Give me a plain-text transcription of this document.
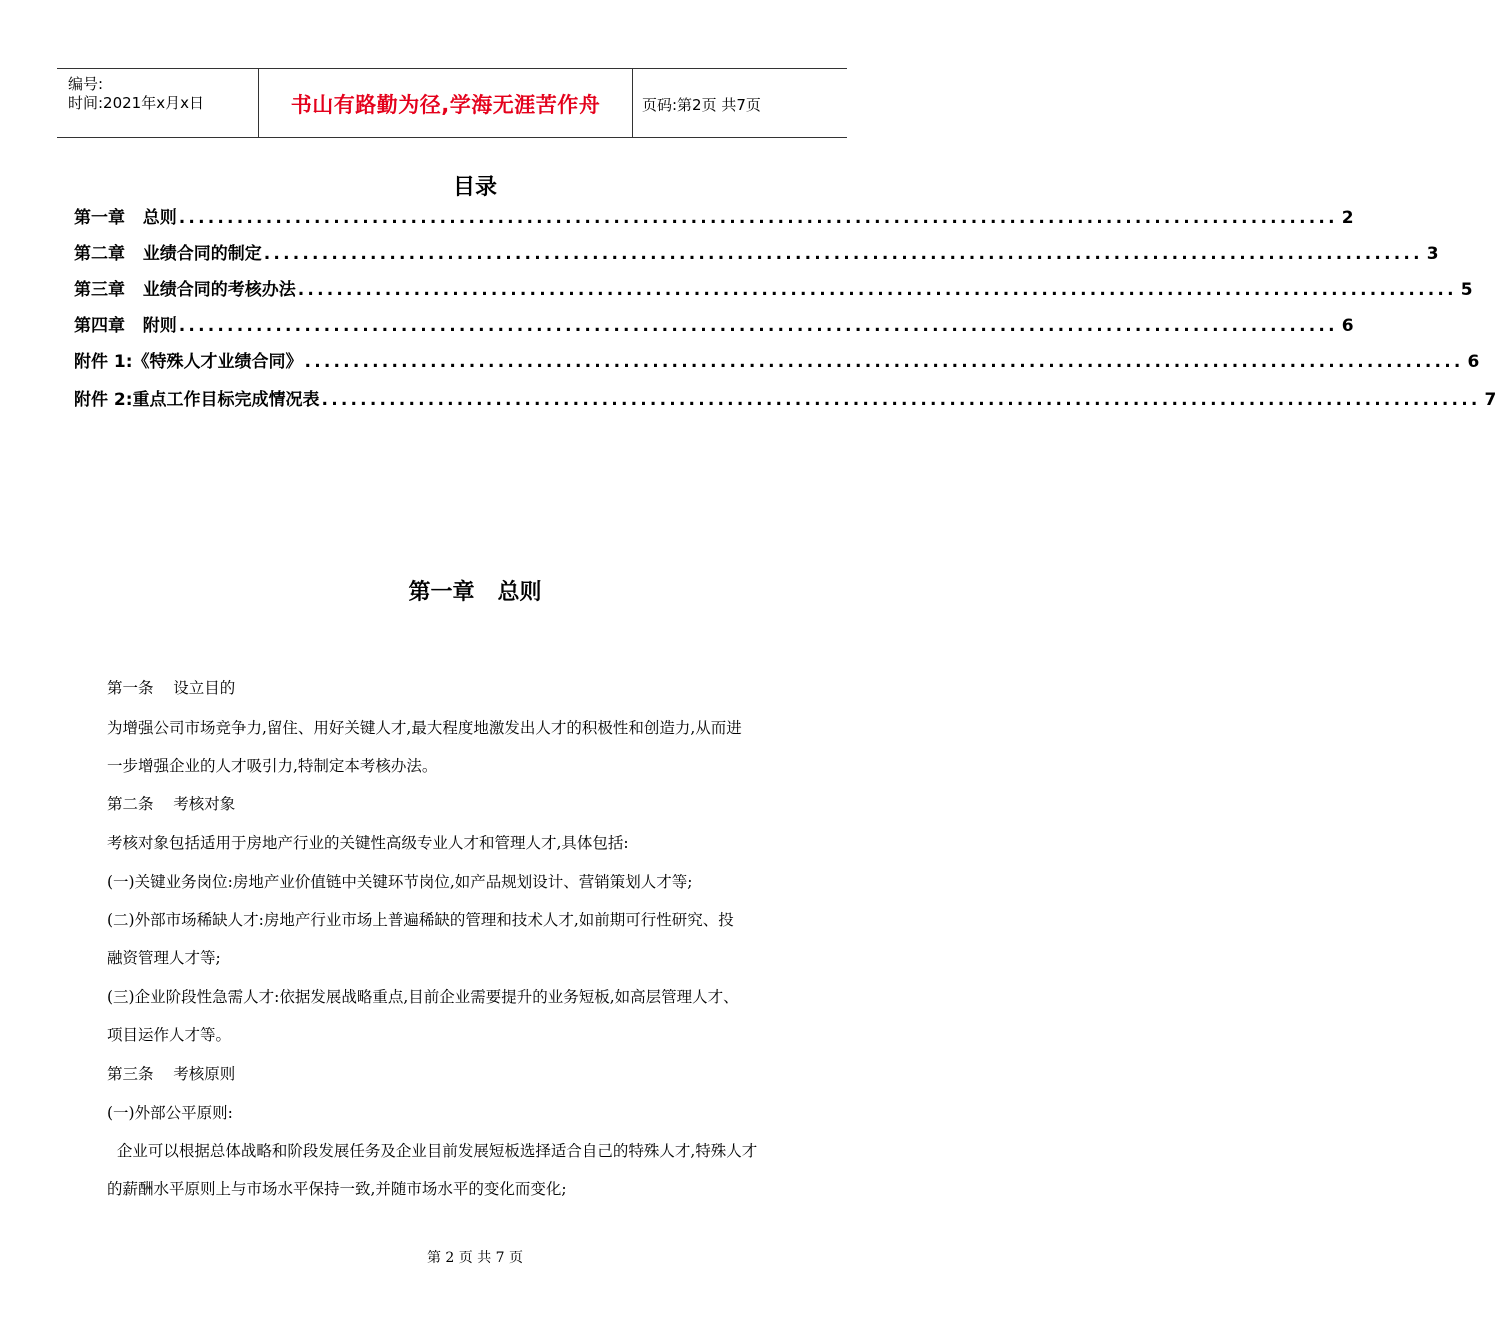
编号:
时间:2021年x月x日	书山有路勤为径,学海无涯苦作舟	页码:第2页 共7页
目录
第一章   总则 ........................................................................................................................ 2
第二章   业绩合同的制定 ........................................................................................................................ 3
第三章   业绩合同的考核办法 ........................................................................................................................ 5
第四章   附则 ........................................................................................................................ 6
附件 1:《特殊人才业绩合同》 ........................................................................................................................ 6
附件 2:重点工作目标完成情况表 ........................................................................................................................ 7
第一章   总则
第一条    设立目的
为增强公司市场竞争力,留住、用好关键人才,最大程度地激发出人才的积极性和创造力,从而进
一步增强企业的人才吸引力,特制定本考核办法。
第二条    考核对象
考核对象包括适用于房地产行业的关键性高级专业人才和管理人才,具体包括:
(一)关键业务岗位:房地产业价值链中关键环节岗位,如产品规划设计、营销策划人才等;
(二)外部市场稀缺人才:房地产行业市场上普遍稀缺的管理和技术人才,如前期可行性研究、投
融资管理人才等;
(三)企业阶段性急需人才:依据发展战略重点,目前企业需要提升的业务短板,如高层管理人才、
项目运作人才等。
第三条    考核原则
(一)外部公平原则:
企业可以根据总体战略和阶段发展任务及企业目前发展短板选择适合自己的特殊人才,特殊人才
的薪酬水平原则上与市场水平保持一致,并随市场水平的变化而变化;
第 2 页 共 7 页
